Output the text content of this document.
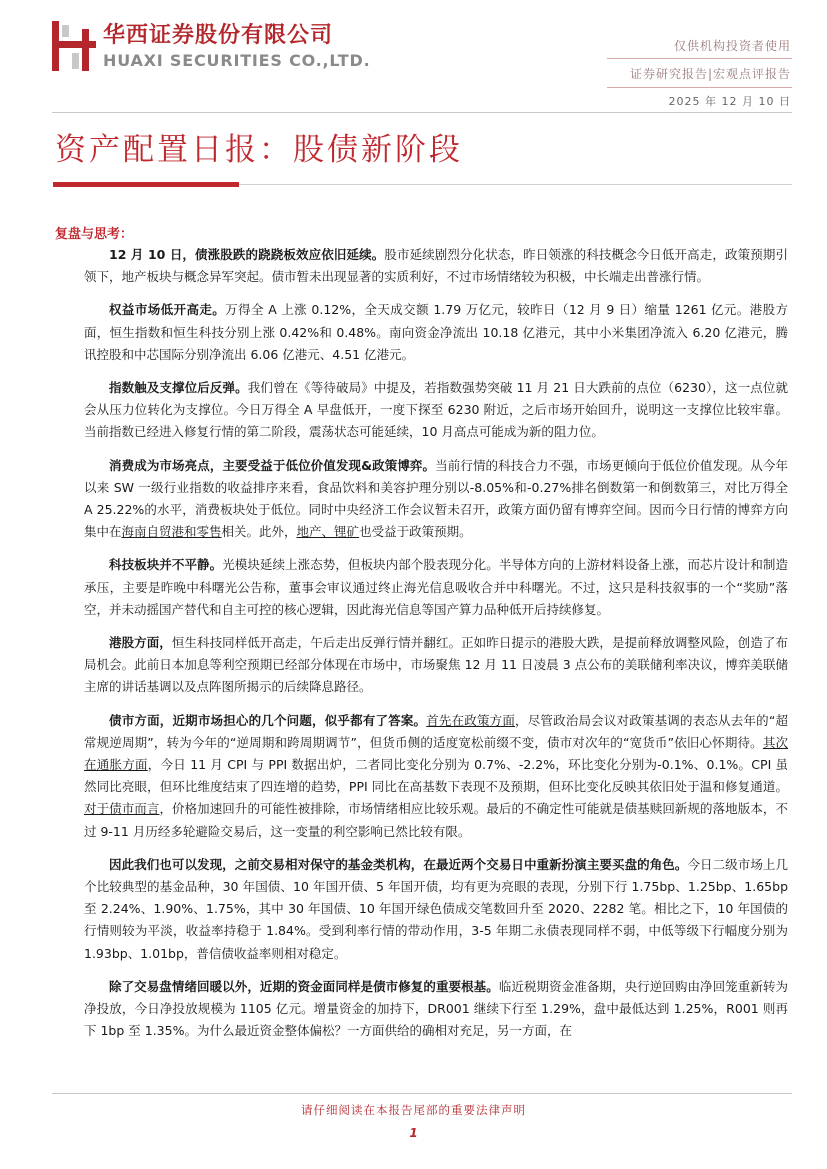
华西证券股份有限公司
HUAXI SECURITIES CO.,LTD.
仅供机构投资者使用
证券研究报告|宏观点评报告
2025 年 12 月 10 日
资产配置日报：股债新阶段
复盘与思考：

12 月 10 日，债涨股跌的跷跷板效应依旧延续。股市延续剧烈分化状态，昨日领涨的科技概念今日低开高走，政策预期引领下，地产板块与概念异军突起。债市暂未出现显著的实质利好，不过市场情绪较为积极，中长端走出普涨行情。

权益市场低开高走。万得全 A 上涨 0.12%，全天成交额 1.79 万亿元，较昨日（12 月 9 日）缩量 1261 亿元。港股方面，恒生指数和恒生科技分别上涨 0.42%和 0.48%。南向资金净流出 10.18 亿港元，其中小米集团净流入 6.20 亿港元，腾讯控股和中芯国际分别净流出 6.06 亿港元、4.51 亿港元。

指数触及支撑位后反弹。我们曾在《等待破局》中提及，若指数强势突破 11 月 21 日大跌前的点位（6230），这一点位就会从压力位转化为支撑位。今日万得全 A 早盘低开，一度下探至 6230 附近，之后市场开始回升，说明这一支撑位比较牢靠。当前指数已经进入修复行情的第二阶段，震荡状态可能延续，10 月高点可能成为新的阻力位。

消费成为市场亮点，主要受益于低位价值发现&政策博弈。当前行情的科技合力不强，市场更倾向于低位价值发现。从今年以来 SW 一级行业指数的收益排序来看，食品饮料和美容护理分别以-8.05%和-0.27%排名倒数第一和倒数第三，对比万得全 A 25.22%的水平，消费板块处于低位。同时中央经济工作会议暂未召开，政策方面仍留有博弈空间。因而今日行情的博弈方向集中在海南自贸港和零售相关。此外，地产、锂矿也受益于政策预期。

科技板块并不平静。光模块延续上涨态势，但板块内部个股表现分化。半导体方向的上游材料设备上涨，而芯片设计和制造承压，主要是昨晚中科曙光公告称，董事会审议通过终止海光信息吸收合并中科曙光。不过，这只是科技叙事的一个“奖励”落空，并未动摇国产替代和自主可控的核心逻辑，因此海光信息等国产算力品种低开后持续修复。

港股方面，恒生科技同样低开高走，午后走出反弹行情并翻红。正如昨日提示的港股大跌，是提前释放调整风险，创造了布局机会。此前日本加息等利空预期已经部分体现在市场中，市场聚焦 12 月 11 日凌晨 3 点公布的美联储利率决议，博弈美联储主席的讲话基调以及点阵图所揭示的后续降息路径。

债市方面，近期市场担心的几个问题，似乎都有了答案。首先在政策方面，尽管政治局会议对政策基调的表态从去年的“超常规逆周期”，转为今年的“逆周期和跨周期调节”，但货币侧的适度宽松前缀不变，债市对次年的“宽货币”依旧心怀期待。其次在通胀方面，今日 11 月 CPI 与 PPI 数据出炉，二者同比变化分别为 0.7%、-2.2%，环比变化分别为-0.1%、0.1%。CPI 虽然同比亮眼，但环比维度结束了四连增的趋势，PPI 同比在高基数下表现不及预期，但环比变化反映其依旧处于温和修复通道。对于债市而言，价格加速回升的可能性被排除，市场情绪相应比较乐观。最后的不确定性可能就是债基赎回新规的落地版本，不过 9-11 月历经多轮避险交易后，这一变量的利空影响已然比较有限。

因此我们也可以发现，之前交易相对保守的基金类机构，在最近两个交易日中重新扮演主要买盘的角色。今日二级市场上几个比较典型的基金品种，30 年国债、10 年国开债、5 年国开债，均有更为亮眼的表现，分别下行 1.75bp、1.25bp、1.65bp 至 2.24%、1.90%、1.75%，其中 30 年国债、10 年国开绿色债成交笔数回升至 2020、2282 笔。相比之下，10 年国债的行情则较为平淡，收益率持稳于 1.84%。受到利率行情的带动作用，3-5 年期二永债表现同样不弱，中低等级下行幅度分别为 1.93bp、1.01bp，普信债收益率则相对稳定。

除了交易盘情绪回暖以外，近期的资金面同样是债市修复的重要根基。临近税期资金准备期，央行逆回购由净回笼重新转为净投放，今日净投放规模为 1105 亿元。增量资金的加持下，DR001 继续下行至 1.29%，盘中最低达到 1.25%，R001 则再下 1bp 至 1.35%。为什么最近资金整体偏松？一方面供给的确相对充足，另一方面，在

请仔细阅读在本报告尾部的重要法律声明
1
